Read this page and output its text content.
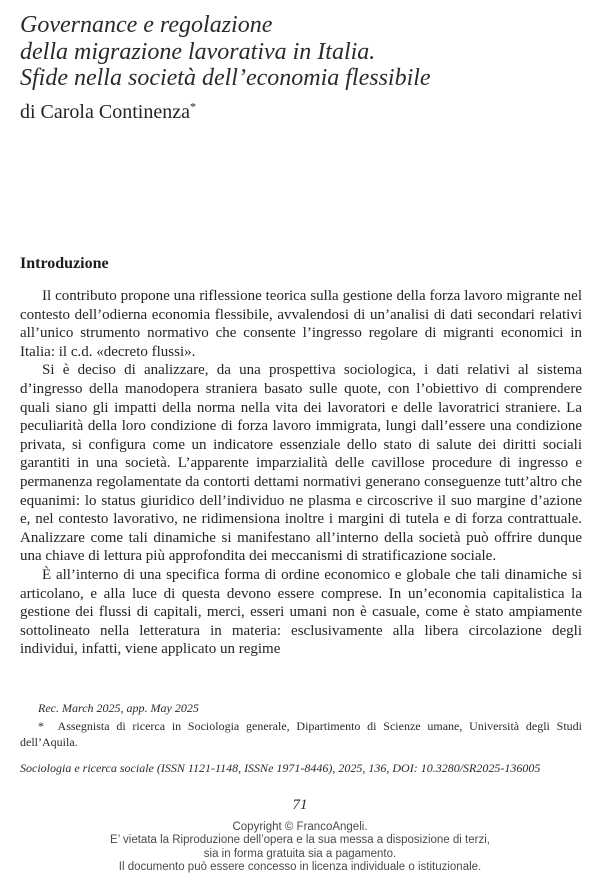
Governance e regolazione
della migrazione lavorativa in Italia.
Sfide nella società dell’economia flessibile
di Carola Continenza*
Introduzione

Il contributo propone una riflessione teorica sulla gestione della forza lavoro migrante nel contesto dell’odierna economia flessibile, avvalendosi di un’analisi di dati secondari relativi all’unico strumento normativo che consente l’ingresso regolare di migranti economici in Italia: il c.d. «decreto flussi».

Si è deciso di analizzare, da una prospettiva sociologica, i dati relativi al sistema d’ingresso della manodopera straniera basato sulle quote, con l’obiettivo di comprendere quali siano gli impatti della norma nella vita dei lavoratori e delle lavoratrici straniere. La peculiarità della loro condizione di forza lavoro immigrata, lungi dall’essere una condizione privata, si configura come un indicatore essenziale dello stato di salute dei diritti sociali garantiti in una società. L’apparente imparzialità delle cavillose procedure di ingresso e permanenza regolamentate da contorti dettami normativi generano conseguenze tutt’altro che equanimi: lo status giuridico dell’individuo ne plasma e circoscrive il suo margine d’azione e, nel contesto lavorativo, ne ridimensiona inoltre i margini di tutela e di forza contrattuale. Analizzare come tali dinamiche si manifestano all’interno della società può offrire dunque una chiave di lettura più approfondita dei meccanismi di stratificazione sociale.

È all’interno di una specifica forma di ordine economico e globale che tali dinamiche si articolano, e alla luce di questa devono essere comprese. In un’economia capitalistica la gestione dei flussi di capitali, merci, esseri umani non è casuale, come è stato ampiamente sottolineato nella letteratura in materia: esclusivamente alla libera circolazione degli individui, infatti, viene applicato un regime

Rec. March 2025, app. May 2025

* Assegnista di ricerca in Sociologia generale, Dipartimento di Scienze umane, Università degli Studi dell’Aquila.

Sociologia e ricerca sociale (ISSN 1121-1148, ISSNe 1971-8446), 2025, 136, DOI: 10.3280/SR2025-136005
71
Copyright © FrancoAngeli.
E’ vietata la Riproduzione dell’opera e la sua messa a disposizione di terzi,
sia in forma gratuita sia a pagamento.
Il documento può essere concesso in licenza individuale o istituzionale.
